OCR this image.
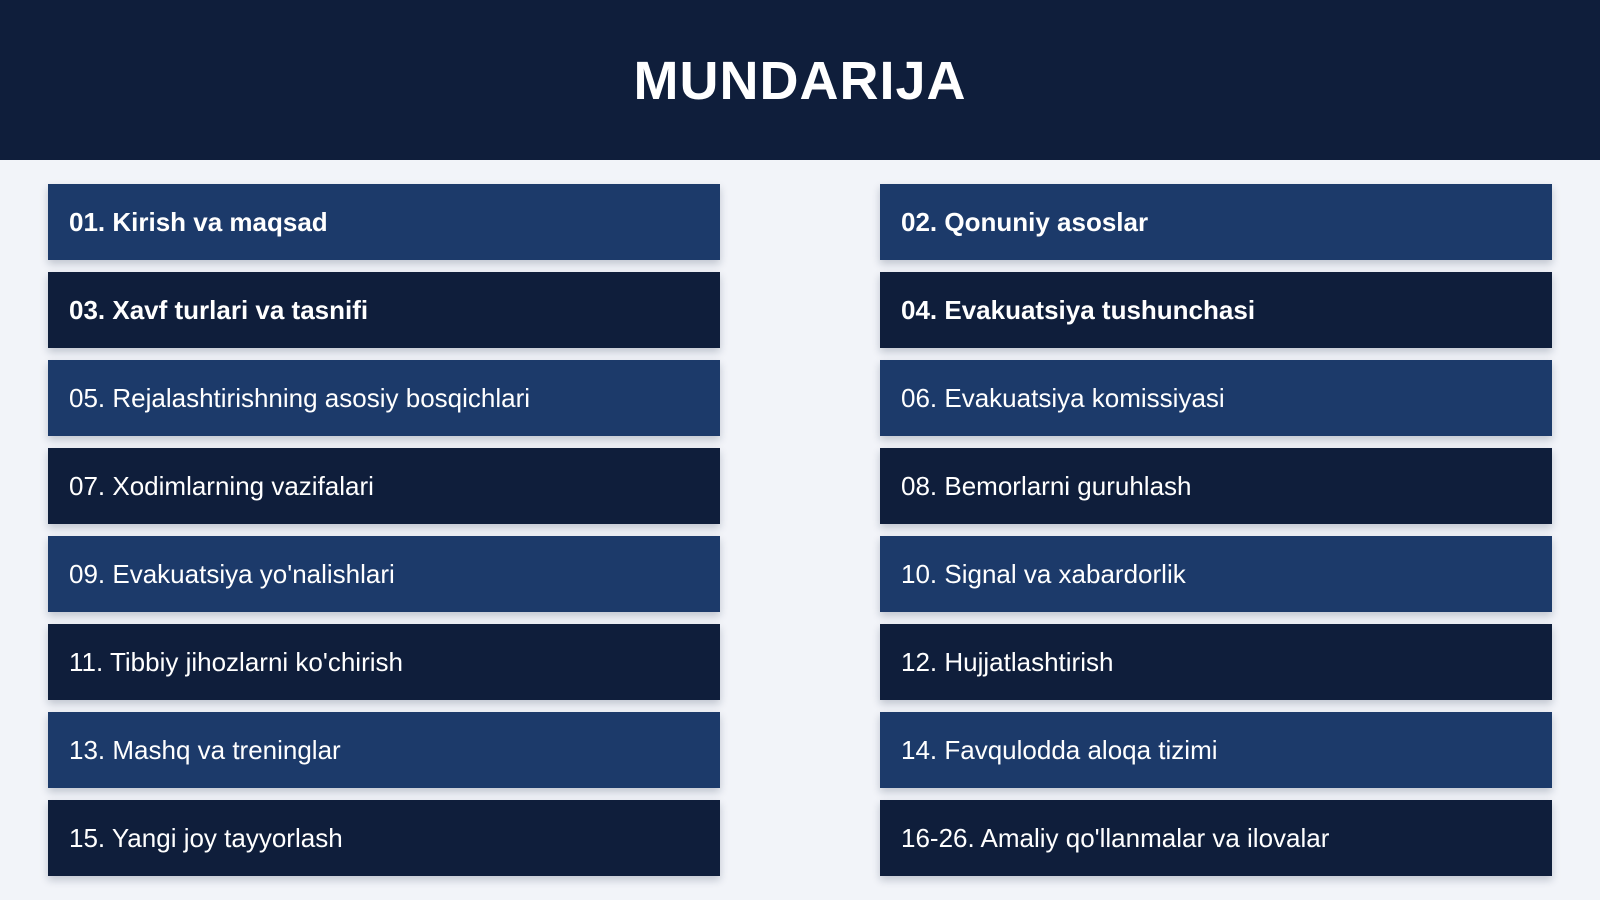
MUNDARIJA
01. Kirish va maqsad	02. Qonuniy asoslar
03. Xavf turlari va tasnifi	04. Evakuatsiya tushunchasi
05. Rejalashtirishning asosiy bosqichlari	06. Evakuatsiya komissiyasi
07. Xodimlarning vazifalari	08. Bemorlarni guruhlash
09. Evakuatsiya yo'nalishlari	10. Signal va xabardorlik
11. Tibbiy jihozlarni ko'chirish	12. Hujjatlashtirish
13. Mashq va treninglar	14. Favqulodda aloqa tizimi
15. Yangi joy tayyorlash	16-26. Amaliy qo'llanmalar va ilovalar
